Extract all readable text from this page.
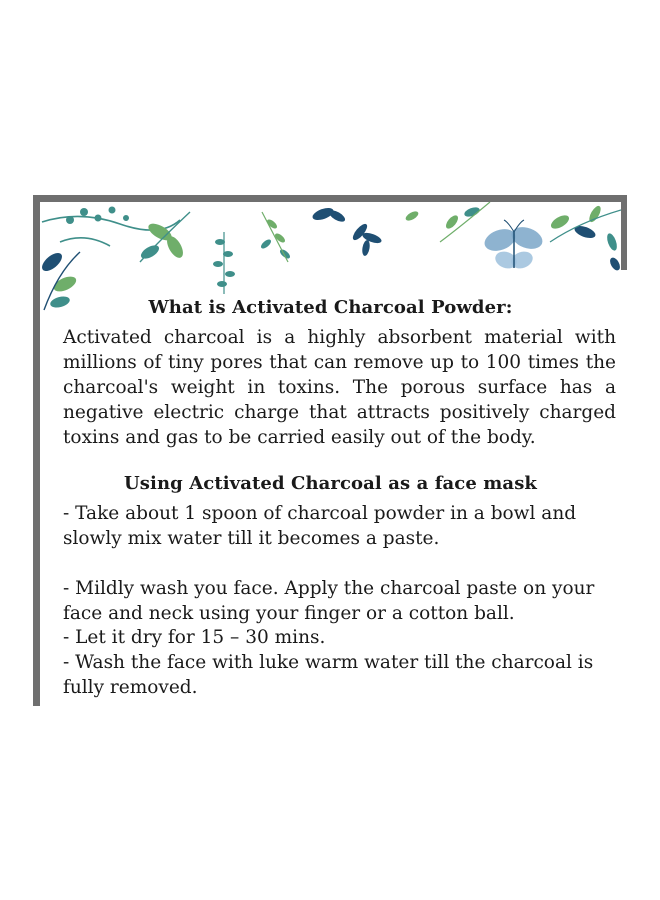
What is Activated Charcoal Powder:

Activated charcoal is a highly absorbent material with millions of tiny pores that can remove up to 100 times the charcoal's weight in toxins. The porous surface has a negative electric charge that attracts positively charged toxins and gas to be carried easily out of the body.

Using Activated Charcoal as a face mask

- Take about 1 spoon of charcoal powder in a bowl and slowly mix water till it becomes a paste.

- Mildly wash you face. Apply the charcoal paste on your face and neck using your finger or a cotton ball.

- Let it dry for 15 – 30 mins.

- Wash the face with luke warm water till the charcoal is fully removed.
